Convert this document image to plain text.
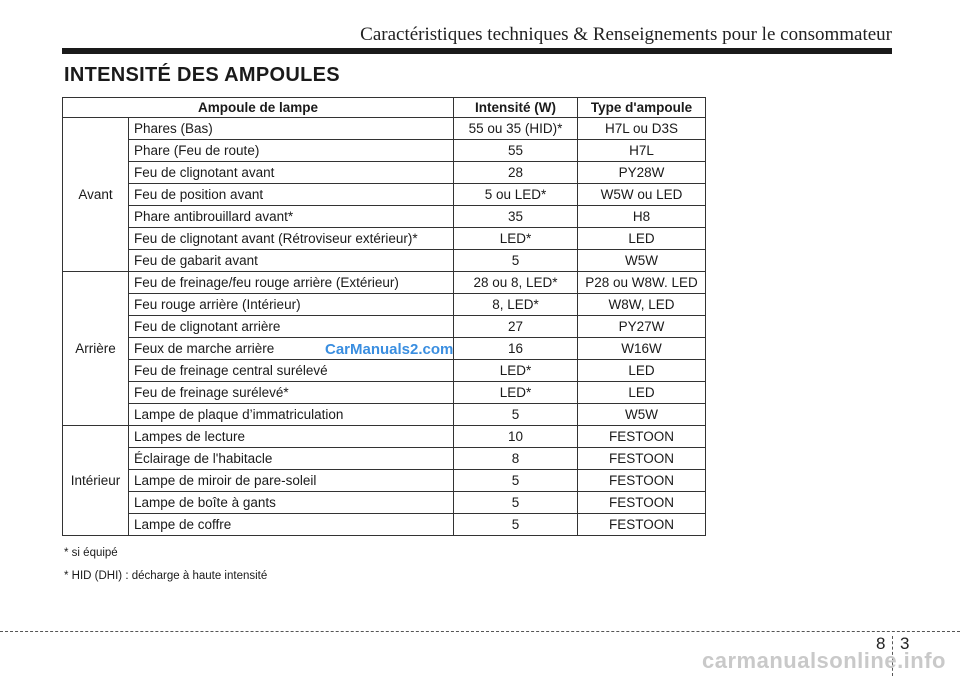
Caractéristiques techniques & Renseignements pour le consommateur
INTENSITÉ DES AMPOULES
Ampoule de lampe		Intensité (W)	Type d'ampoule
Avant	Phares (Bas)	55 ou 35 (HID)*	H7L ou D3S
	Phare (Feu de route)	55	H7L
	Feu de clignotant avant	28	PY28W
	Feu de position avant	5 ou LED*	W5W ou LED
	Phare antibrouillard avant*	35	H8
	Feu de clignotant avant (Rétroviseur extérieur)*	LED*	LED
	Feu de gabarit avant	5	W5W
Arrière	Feu de freinage/feu rouge arrière (Extérieur)	28 ou 8, LED*	P28 ou W8W. LED
	Feu rouge arrière (Intérieur)	8, LED*	W8W, LED
	Feu de clignotant arrière	27	PY27W
	Feux de marche arrière	16	W16W
	Feu de freinage central surélevé	LED*	LED
	Feu de freinage surélevé*	LED*	LED
	Lampe de plaque d’immatriculation	5	W5W
Intérieur	Lampes de lecture	10	FESTOON
	Éclairage de l'habitacle	8	FESTOON
	Lampe de miroir de pare-soleil	5	FESTOON
	Lampe de boîte à gants	5	FESTOON
	Lampe de coffre	5	FESTOON
CarManuals2.com
* si équipé
* HID (DHI) : décharge à haute intensité
8 3
carmanualsonline.info
